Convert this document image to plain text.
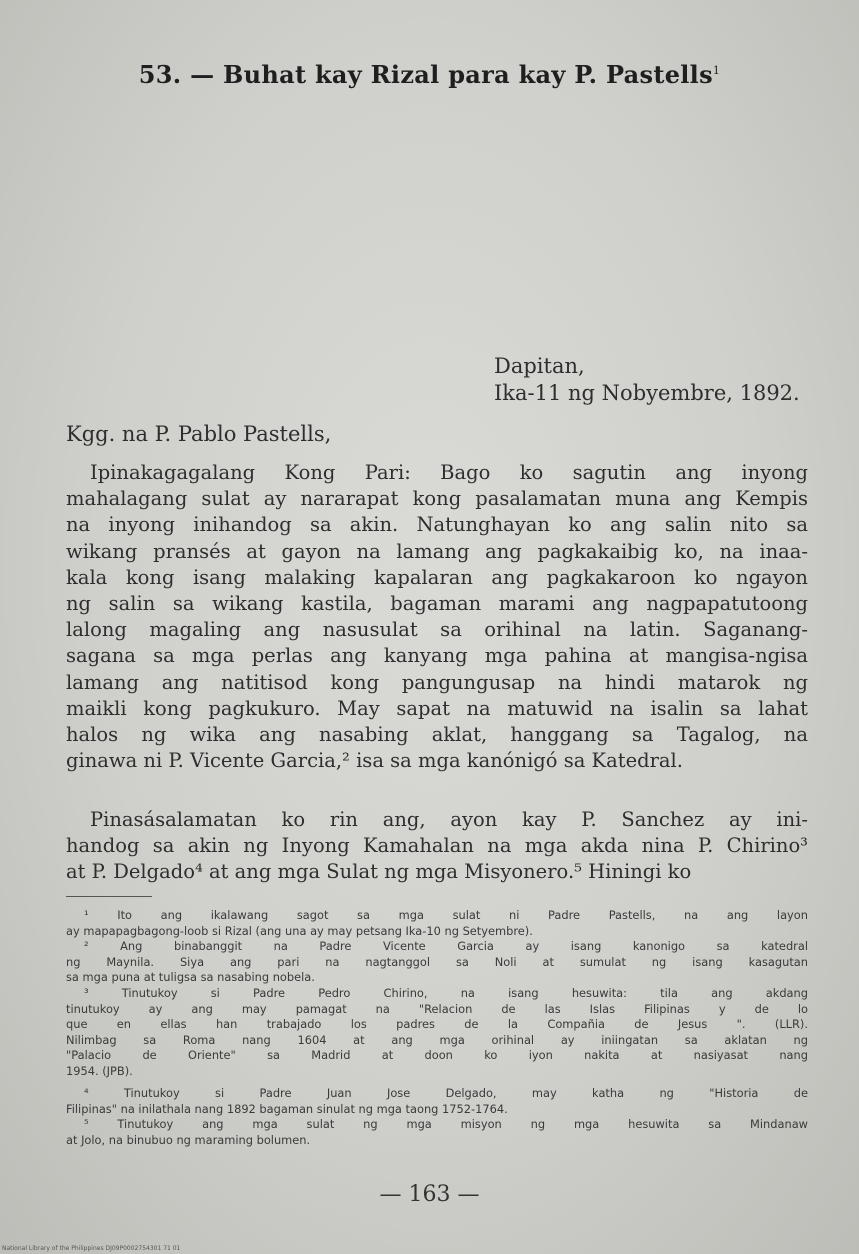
53. — Buhat kay Rizal para kay P. Pastells$^1$
Dapitan,
Ika-11 ng Nobyembre, 1892.
Kgg. na P. Pablo Pastells,
Ipinakagagalang Kong Pari: Bago ko sagutin ang inyong
mahalagang sulat ay nararapat kong pasalamatan muna ang Kempis
na inyong inihandog sa akin. Natunghayan ko ang salin nito sa
wikang pransés at gayon na lamang ang pagkakaibig ko, na inaa-
kala kong isang malaking kapalaran ang pagkakaroon ko ngayon
ng salin sa wikang kastila, bagaman marami ang nagpapatutoong
lalong magaling ang nasusulat sa orihinal na latin. Saganang-
sagana sa mga perlas ang kanyang mga pahina at mangisa-ngisa
lamang ang natitisod kong pangungusap na hindi matarok ng
maikli kong pagkukuro. May sapat na matuwid na isalin sa lahat
halos ng wika ang nasabing aklat, hanggang sa Tagalog, na
ginawa ni P. Vicente Garcia,² isa sa mga kanónigó sa Katedral.
Pinasásalamatan ko rin ang, ayon kay P. Sanchez ay ini-
handog sa akin ng Inyong Kamahalan na mga akda nina P. Chirino³
at P. Delgado⁴ at ang mga Sulat ng mga Misyonero.⁵ Hiningi ko
¹ Ito ang ikalawang sagot sa mga sulat ni Padre Pastells, na ang layon
ay mapapagbagong-loob si Rizal (ang una ay may petsang Ika-10 ng Setyembre).
² Ang binabanggit na Padre Vicente Garcia ay isang kanonigo sa katedral
ng Maynila. Siya ang pari na nagtanggol sa Noli at sumulat ng isang kasagutan
sa mga puna at tuligsa sa nasabing nobela.
³ Tinutukoy si Padre Pedro Chirino, na isang hesuwita: tila ang akdang
tinutukoy ay ang may pamagat na "Relacion de las Islas Filipinas y de lo
que en ellas han trabajado los padres de la Compañia de Jesus ". (LLR).
Nilimbag sa Roma nang 1604 at ang mga orihinal ay iniingatan sa aklatan ng
"Palacio de Oriente" sa Madrid at doon ko iyon nakita at nasiyasat nang
1954. (JPB).
⁴ Tinutukoy si Padre Juan Jose Delgado, may katha ng "Historia de
Filipinas" na inilathala nang 1892 bagaman sinulat ng mga taong 1752-1764.
⁵ Tinutukoy ang mga sulat ng mga misyon ng mga hesuwita sa Mindanaw
at Jolo, na binubuo ng maraming bolumen.
— 163 —
National Library of the Philippines DJ09P0002754301 71 01
